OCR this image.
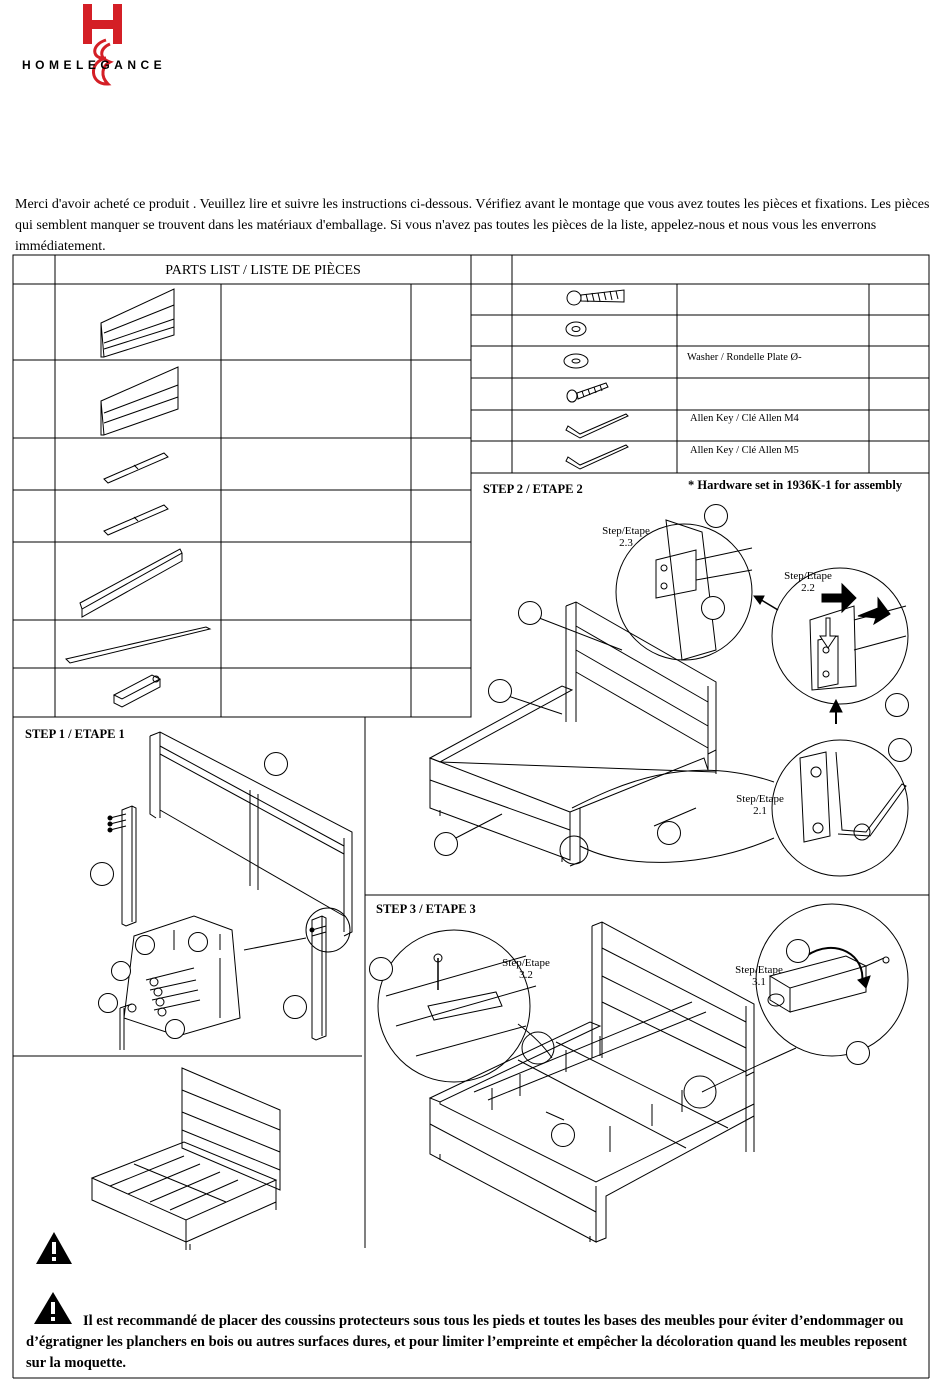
HOMELEGANCE
Merci d'avoir acheté ce produit . Veuillez lire et suivre les instructions ci-dessous. Vérifiez avant le montage que vous avez toutes les pièces et fixations. Les pièces qui semblent manquer se trouvent dans les matériaux d'emballage. Si vous n'avez pas toutes les pièces de la liste, appelez-nous et nous vous les enverrons immédiatement.
PARTS LIST / LISTE DE PIÈCES
Washer / Rondelle Plate Ø-
Allen Key / Clé Allen M4
Allen Key / Clé Allen M5
STEP 1 / ETAPE 1
STEP 2 / ETAPE 2	* Hardware set in 1936K-1 for assembly
STEP 3 / ETAPE 3
Step/Etape
2.3
Step/Etape
2.2
Step/Etape
2.1
Step/Etape
3.2	Step/Etape
3.1
Il est recommandé de placer des coussins protecteurs sous tous les pieds et toutes les bases des meubles pour éviter d’endommager ou d’égratigner les planchers en bois ou autres surfaces dures, et pour limiter l’empreinte et empêcher la décoloration quand les meubles reposent sur la moquette.
